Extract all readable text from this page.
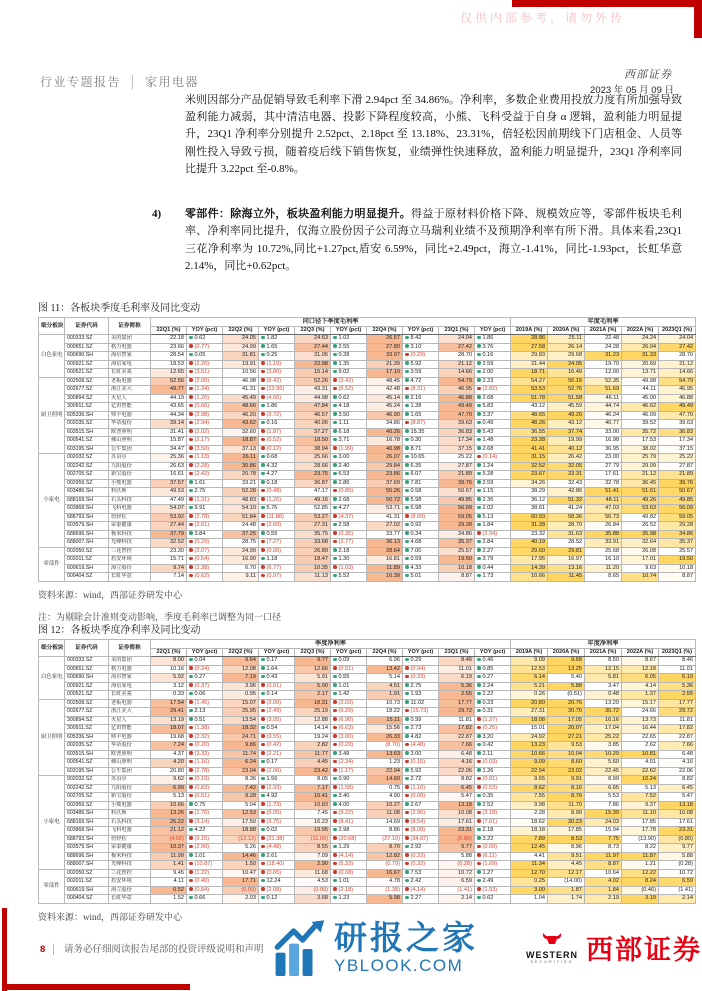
仅供内部参考，请勿外传
行业专题报告 │ 家用电器	西部证券
2023 年 05 月 09 日
米则因部分产品促销导致毛利率下滑 2.94pct 至 34.86%。净利率，多数企业费用投放力度有所加强导致盈利能力减弱，其中清洁电器、投影下降程度较高，小熊、飞科受益于自身 α 逻辑，盈利能力明显提升，23Q1 净利率分别提升 2.52pct、2.18pct 至 13.18%、23.31%，倍轻松因前期线下门店租金、人员等刚性投入导致亏损，随着疫后线下销售恢复，业绩弹性快速释放，盈利能力明显提升，23Q1 净利率同比提升 3.22pct 至-0.8%。
4) 零部件：除海立外，板块盈利能力明显提升。得益于原材料价格下降、规模效应等，零部件板块毛利率、净利率同比提升，仅海立股份因子公司海立马瑞利业绩不及预期净利率有所下滑。具体来看,23Q1 三花净利率为 10.72%,同比+1.27pct,盾安 6.59%，同比+2.49pct，海立-1.41%，同比-1.93pct，长虹华意 2.14%，同比+0.62pct。
图 11：各板块季度毛利率及同比变动
细分板块	证券代码	证券简称	同口径下季度毛利率										年度毛利率				
			22Q1 (%)	YOY (pct)	22Q2 (%)	YOY (pct)	22Q3 (%)	YOY (pct)	22Q4 (%)	YOY (pct)	23Q1 (%)	YOY (pct)	2019A (%)	2020A (%)	2021A (%)	2022A (%)	2023Q1 (%)
白色家电	000333.SZ	美的集团	22.18	0.62	24.05	1.82	24.63	1.02	26.57	8.42	24.04	1.86	28.86	25.11	22.48	24.24	24.04
	000651.SZ	格力电器	23.66	(0.77)	24.99	1.65	27.44	2.55	27.80	3.10	27.42	3.76	27.58	26.14	24.28	26.04	27.42
	600690.SH	海尔智家	28.54	0.05	31.81	0.25	31.06	0.28	33.97	(0.29)	28.70	0.16	29.83	29.68	31.23	31.33	28.70
	000921.SZ	海信家电	18.53	(2.20)	19.91	(1.19)	22.98	1.35	21.39	5.92	21.12	2.59	21.44	24.05	19.70	20.69	21.12
	000521.SZ	长虹美菱	12.65	(3.51)	10.56	(3.80)	15.14	9.02	17.10	3.59	14.66	2.00	18.71	16.49	12.00	13.71	14.66
厨卫照明	002508.SZ	老板电器	52.56	(2.00)	46.98	(6.42)	52.26	(3.42)	48.45	4.72	54.79	2.23	54.27	56.16	52.35	49.98	54.79
	002677.SZ	浙江美大	49.77	(1.34)	41.31	(13.96)	43.31	(6.52)	42.48	(8.31)	46.95	(2.82)	53.53	52.76	51.69	44.11	46.95
	300894.SZ	火星人	44.19	(1.20)	45.49	(4.66)	44.98	0.62	45.14	2.16	46.88	2.68	51.78	51.58	46.11	45.00	46.88
	300911.SZ	亿田智能	43.65	(0.66)	48.66	1.86	47.84	4.18	45.24	1.28	49.49	5.83	43.12	45.59	44.74	46.62	49.49
	605336.SH	帅丰电器	44.34	(2.98)	46.20	(3.72)	46.57	3.50	46.90	1.65	47.70	3.37	48.65	49.20	46.24	46.09	47.70
	002035.SZ	华帝股份	39.14	(2.94)	43.62	0.16	40.06	1.11	34.86	(8.87)	39.63	0.49	48.26	43.12	40.77	39.52	39.63
	603515.SH	欧普照明	31.41	(2.02)	32.60	(1.87)	37.27	6.18	40.26	15.35	36.83	5.43	36.55	37.74	33.00	35.72	36.83
	000541.SZ	佛山照明	15.87	(2.17)	18.87	(0.52)	18.50	3.71	16.78	0.30	17.34	1.48	23.28	19.99	16.98	17.53	17.34
	603195.SH	公牛集团	34.47	(3.50)	37.13	(0.12)	38.94	(1.99)	40.98	8.71	37.15	2.68	41.41	40.12	36.95	38.02	37.15
小家电	002032.SZ	苏泊尔	25.36	(1.13)	26.11	0.68	25.66	3.00	26.07	10.65	25.22	(0.14)	31.15	26.42	23.00	25.79	25.22
	002242.SZ	九阳股份	26.63	(2.28)	30.86	4.32	28.66	2.40	29.84	6.35	27.87	1.24	32.52	32.05	27.79	29.09	27.87
	002705.SZ	新宝股份	16.61	(2.42)	20.78	4.27	23.75	6.53	23.86	6.07	21.89	5.28	23.67	23.31	17.61	21.12	21.89
	002959.SZ	小熊电器	37.57	1.61	33.21	0.18	36.87	2.86	37.69	7.81	39.76	2.59	34.26	32.43	32.78	36.45	39.76
	603486.SH	科沃斯	49.53	2.75	52.28	(0.48)	47.17	(0.85)	55.26	0.58	50.67	1.15	38.29	42.86	51.41	51.61	50.67
	688169.SH	石头科技	47.49	(1.31)	48.83	(1.26)	49.16	2.68	50.72	5.98	49.85	2.36	36.12	51.32	48.11	49.26	49.85
	603868.SH	飞科电器	54.07	9.91	54.10	5.76	52.85	4.27	53.71	6.98	56.09	2.02	38.61	41.24	47.03	53.63	56.09
	688793.SH	倍轻松	53.92	(2.78)	51.84	(11.88)	53.27	(4.37)	41.31	(8.69)	59.05	5.13	60.93	58.36	56.73	49.82	59.05
	603579.SH	荣泰健康	27.44	(2.61)	24.48	(2.60)	27.31	2.58	27.02	0.92	29.28	1.84	31.28	28.70	26.84	26.52	29.28
	688696.SH	极米科技	37.79	3.84	37.25	0.55	35.75	(0.35)	33.77	0.34	34.86	(2.94)	23.32	31.63	35.88	35.98	34.86
	688007.SH	光峰科技	32.52	(0.29)	28.75	(7.27)	33.68	(2.77)	36.13	4.68	35.37	2.84	40.19	28.52	33.91	32.64	35.37
零部件	002050.SZ	三花智控	23.30	(2.07)	24.99	(0.06)	26.89	2.18	28.64	7.00	25.57	2.27	29.60	29.81	25.68	26.08	25.57
	002011.SZ	盾安环境	15.71	(0.54)	16.90	1.18	18.47	1.30	16.81	0.59	19.50	3.79	17.95	16.97	16.10	17.01	19.50
	600619.SH	海立股份	9.74	(2.38)	6.70	(6.77)	10.35	(1.03)	11.89	4.33	10.18	0.44	14.39	13.16	11.20	9.63	10.18
	000404.SZ	长虹华意	7.14	(0.62)	9.11	(0.97)	11.13	5.52	16.39	5.01	8.87	1.73	10.66	11.45	8.65	10.74	8.87
资料来源：wind，西部证券研发中心
注：为剔除会计准则变动影响，季度毛利率已调整为同一口径
图 12：各板块季度净利率及同比变动
细分板块	证券代码	证券简称	季度净利率										年度净利率				
			22Q1 (%)	YOY (pct)	22Q2 (%)	YOY (pct)	22Q3 (%)	YOY (pct)	22Q4 (%)	YOY (pct)	23Q1 (%)	YOY (pct)	2019A (%)	2020A (%)	2021A (%)	2022A (%)	2023Q1 (%)
白色家电	000333.SZ	美的集团	8.00	0.04	9.64	0.17	9.77	0.09	6.96	0.29	8.46	0.46	9.09	9.68	8.50	8.67	8.46
	000651.SZ	格力电器	10.16	(0.24)	12.08	1.64	12.66	(0.51)	13.42	(0.94)	11.01	0.85	12.53	13.25	12.15	12.18	11.01
	600690.SH	海尔智家	5.92	0.27	7.19	0.43	5.91	0.55	5.14	(0.33)	6.19	0.27	6.14	5.40	5.81	6.05	6.19
	000921.SZ	海信家电	3.12	(0.37)	3.96	(0.61)	5.00	1.01	4.51	2.75	5.36	2.24	5.21	5.88	3.47	4.14	5.36
	000521.SZ	长虹美菱	0.33	0.06	0.95	0.14	2.17	1.42	1.91	1.93	2.55	2.22	0.26	(0.51)	0.48	1.37	2.55
厨卫照明	002508.SZ	老板电器	17.54	(1.45)	15.07	(3.00)	18.31	(2.03)	10.73	11.02	17.77	0.23	20.80	20.76	13.29	15.17	17.77
	002677.SZ	浙江美大	29.41	2.13	25.95	(2.49)	25.19	(6.29)	18.22	(15.73)	29.72	0.31	27.31	30.70	30.72	24.66	29.72
	300894.SZ	火星人	13.19	0.51	13.54	(3.05)	12.88	(6.90)	15.11	0.99	11.81	(1.37)	18.08	17.05	16.16	13.73	11.81
	300911.SZ	亿田智能	18.07	(1.38)	18.32	0.54	14.14	(6.63)	15.56	2.73	17.82	(0.25)	15.01	20.07	17.04	16.44	17.82
	605336.SH	帅丰电器	19.68	(2.32)	24.71	(9.55)	19.24	(3.00)	26.33	4.82	22.87	3.20	24.92	27.21	25.22	22.65	22.87
	002035.SZ	华帝股份	7.24	(0.20)	9.86	(0.42)	2.82	(0.23)	(8.70)	(4.48)	7.66	0.42	13.23	9.53	3.85	2.62	7.66
	603515.SH	欧普照明	4.37	(3.32)	11.74	(2.21)	11.77	3.49	13.63	3.00	6.48	2.11	10.66	10.04	10.29	10.81	6.48
	000541.SZ	佛山照明	4.20	(1.16)	6.24	0.17	4.45	(2.34)	1.23	(0.15)	4.16	(0.03)	9.09	8.60	5.60	4.01	4.16
	603195.SH	公牛集团	20.80	(2.78)	23.04	(2.06)	23.42	(1.17)	22.94	5.92	22.06	1.26	22.94	23.02	22.45	22.62	22.06
小家电	002032.SZ	苏泊尔	9.62	(0.19)	8.36	1.56	8.05	0.90	14.60	2.72	8.82	(0.81)	9.65	9.91	8.99	10.24	8.82
	002242.SZ	九阳股份	6.99	(0.83)	7.42	(2.93)	7.17	(1.58)	0.75	(1.16)	6.45	(0.53)	8.62	8.16	6.65	5.13	6.45
	002705.SZ	新宝股份	5.13	(0.51)	9.28	4.92	10.41	3.40	4.90	(0.08)	5.47	0.35	7.55	8.76	5.53	7.52	5.47
	002959.SZ	小熊电器	10.66	0.75	5.04	(1.73)	10.83	4.00	10.27	2.67	13.18	2.52	9.98	11.70	7.86	9.37	13.18
	603486.SH	科沃斯	13.26	(1.76)	12.53	(6.05)	7.45	(9.22)	11.08	(2.96)	10.08	(3.18)	2.28	8.90	15.39	11.10	10.08
	688169.SH	石头科技	25.22	(3.14)	17.50	(9.75)	16.23	(8.41)	14.69	(8.54)	17.61	(7.61)	18.62	30.23	24.03	17.85	17.61
	603868.SH	飞科电器	21.12	4.22	18.88	0.02	19.95	2.98	8.86	(8.09)	23.31	2.18	18.18	17.85	15.94	17.78	23.31
	688793.SH	倍轻松	(4.02)	(9.15)	(12.12)	(21.38)	(11.60)	(20.68)	(27.10)	(34.07)	(0.80)	3.22	7.89	8.53	7.75	(13.90)	(0.80)
	603579.SH	荣泰健康	10.37	(2.90)	5.26	(4.48)	8.55	1.29	8.70	2.92	9.77	(0.60)	12.45	8.96	8.73	8.22	9.77
	688696.SH	极米科技	11.99	1.01	14.46	2.61	7.09	(4.14)	12.82	(0.33)	5.88	(6.11)	4.41	9.51	11.97	11.87	5.88
	688007.SH	光峰科技	1.41	(10.87)	1.50	(18.40)	2.90	(5.33)	(0.79)	(0.32)	(0.28)	(1.69)	11.34	4.45	8.87	1.21	(0.28)
零部件	002050.SZ	三花智控	9.45	(1.22)	10.47	(0.65)	11.68	(0.08)	16.67	7.53	10.72	1.27	12.70	12.17	10.64	12.22	10.72
	002011.SZ	盾安环境	4.11	(0.40)	17.71	12.24	4.53	1.01	4.78	2.42	6.59	2.49	0.25	(14.00)	4.02	8.24	6.59
	600619.SH	海立股份	0.52	(0.84)	(0.09)	(2.08)	(0.99)	(2.18)	(1.38)	(4.14)	(1.41)	(1.93)	3.00	1.87	1.84	(0.46)	(1.41)
	000404.SZ	长虹华意	1.52	0.66	2.03	0.12	3.68	1.23	5.98	2.27	2.14	0.62	1.04	1.74	2.19	3.19	2.14
资料来源：wind，西部证券研发中心
8 │ 请务必仔细阅读报告尾部的投资评级说明和声明 研报之家
YBLOOK.COM
WESTERN
SECURITIES 西部证券
